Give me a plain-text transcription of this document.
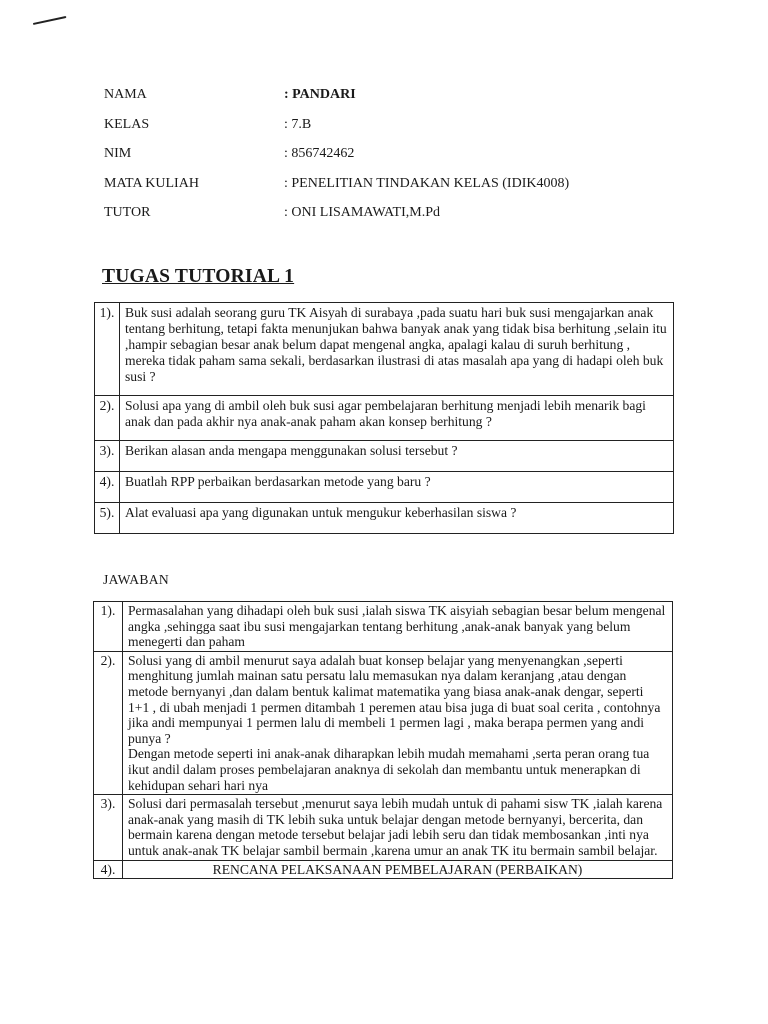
NAMA	: PANDARI
KELAS	: 7.B
NIM	: 856742462
MATA KULIAH	: PENELITIAN TINDAKAN KELAS (IDIK4008)
TUTOR	: ONI LISAMAWATI,M.Pd
TUGAS TUTORIAL 1
1).	Buk susi adalah seorang guru TK Aisyah di surabaya ,pada suatu hari buk susi mengajarkan anak tentang berhitung, tetapi fakta menunjukan bahwa banyak anak yang tidak bisa berhitung ,selain itu ,hampir sebagian besar anak belum dapat mengenal angka, apalagi kalau di suruh berhitung , mereka tidak paham sama sekali, berdasarkan ilustrasi di atas masalah apa yang di hadapi oleh buk susi ?
2).	Solusi apa yang di ambil oleh buk susi agar pembelajaran berhitung menjadi lebih menarik bagi anak dan pada akhir nya anak-anak paham akan konsep berhitung ?
3).	Berikan alasan anda mengapa menggunakan solusi tersebut ?
4).	Buatlah RPP perbaikan berdasarkan metode yang baru ?
5).	Alat evaluasi apa yang digunakan untuk mengukur keberhasilan siswa ?
JAWABAN
1).	Permasalahan yang dihadapi oleh buk susi ,ialah siswa TK aisyiah sebagian besar belum mengenal angka ,sehingga saat ibu susi mengajarkan tentang berhitung ,anak-anak banyak yang belum menegerti dan paham
2).	Solusi yang di ambil menurut saya adalah buat konsep belajar yang menyenangkan ,seperti menghitung jumlah mainan satu persatu lalu memasukan nya dalam keranjang ,atau dengan metode bernyanyi ,dan dalam bentuk kalimat matematika yang biasa anak-anak dengar, seperti 1+1 , di ubah menjadi 1 permen ditambah 1 peremen atau bisa juga di buat soal cerita , contohnya jika andi mempunyai 1 permen lalu di membeli 1 permen lagi , maka berapa permen yang andi punya ?
Dengan metode seperti ini anak-anak diharapkan lebih mudah memahami ,serta peran orang tua ikut andil dalam proses pembelajaran anaknya di sekolah dan membantu untuk menerapkan di kehidupan sehari hari nya

3).	Solusi dari permasalah tersebut ,menurut saya lebih mudah untuk di pahami sisw TK ,ialah karena anak-anak yang masih di TK lebih suka untuk belajar dengan metode bernyanyi, bercerita, dan bermain karena dengan metode tersebut belajar jadi lebih seru dan tidak membosankan ,inti nya untuk anak-anak TK belajar sambil bermain ,karena umur an anak TK itu bermain sambil belajar.
4).	RENCANA PELAKSANAAN PEMBELAJARAN (PERBAIKAN)
